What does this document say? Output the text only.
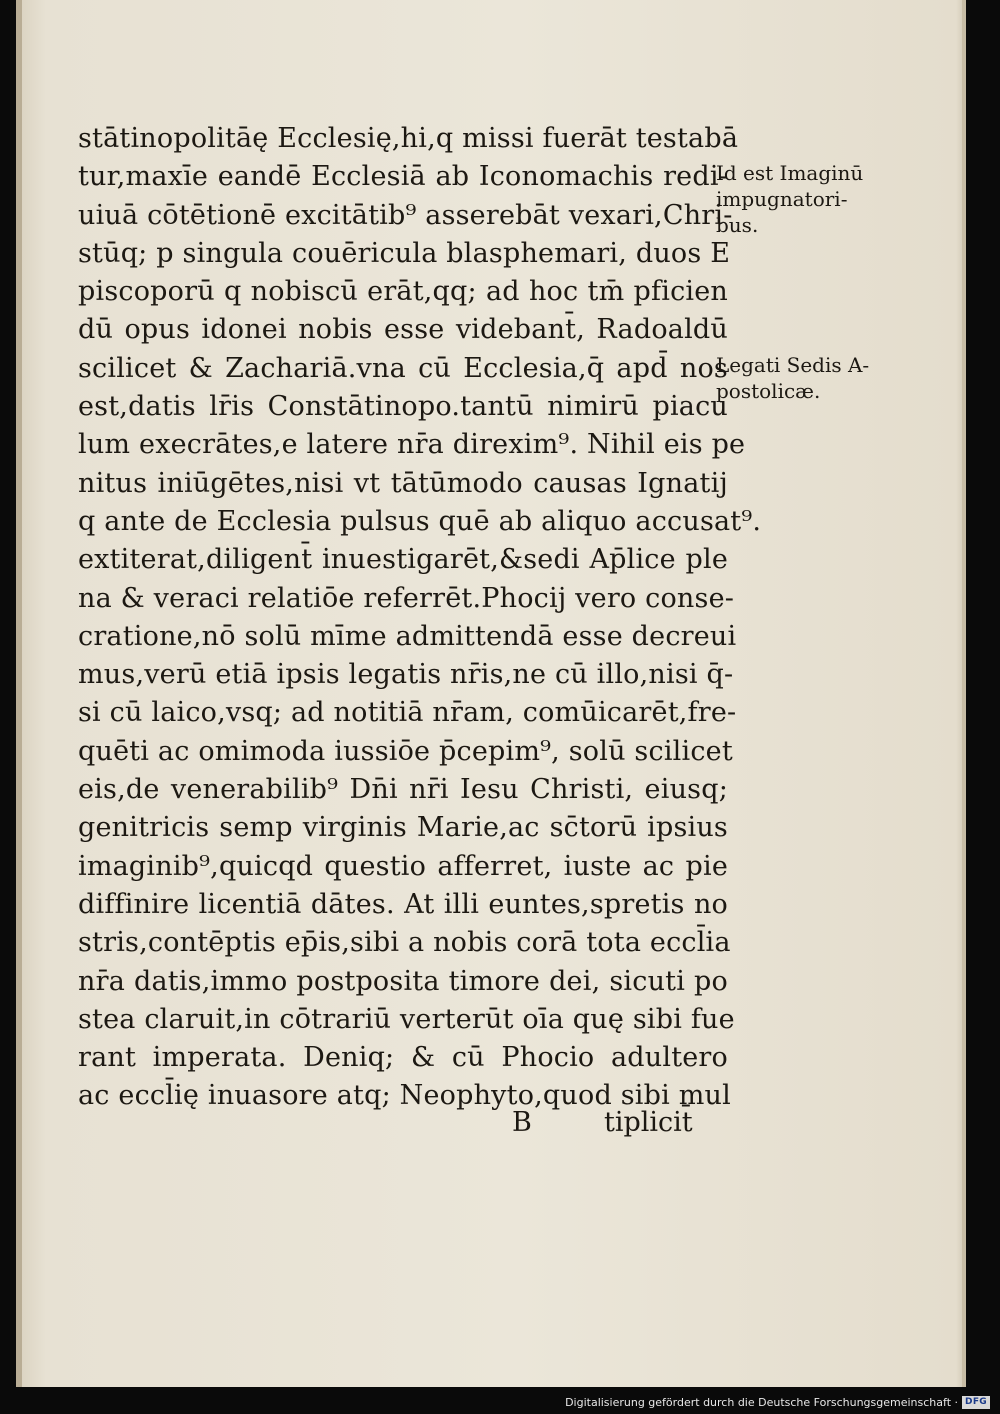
stātinopolitāę Ecclesię,hi,q missi fuerāt testabā
tur,maxīe eandē Ecclesiā ab Iconomachis redi-
uiuā cōtētionē excitātib⁹ asserebāt vexari,Chri-
stūq; p singula couēricula blasphemari, duos E
piscoporū q nobiscū erāt,qq; ad hoc tm̄ pficien
dū opus idonei nobis esse videbant̄, Radoaldū
scilicet & Zachariā.vna cū Ecclesia,q̄ apd̄ nos
est,datis lr̄is Constātinopo.tantū nimirū piacu
lum execrātes,e latere nr̄a direxim⁹. Nihil eis pe
nitus iniūgētes,nisi vt tātūmodo causas Ignatij
q ante de Ecclesia pulsus quē ab aliquo accusat⁹.
extiterat,diligent̄ inuestigarēt,&sedi Ap̄lice ple
na & veraci relatiōe referrēt.Phocij vero conse-
cratione,nō solū mīme admittendā esse decreui
mus,verū etiā ipsis legatis nr̄is,ne cū illo,nisi q̄-
si cū laico,vsq; ad notitiā nr̄am, comūicarēt,fre-
quēti ac omimoda iussiōe p̄cepim⁹, solū scilicet
eis,de venerabilib⁹ Dn̄i nr̄i Iesu Christi, eiusq;
genitricis semp virginis Marie,ac sc̄torū ipsius
imaginib⁹,quicqd questio afferret, iuste ac pie
diffinire licentiā dātes. At illi euntes,spretis no
stris,contēptis ep̄is,sibi a nobis corā tota eccl̄ia
nr̄a datis,immo postposita timore dei, sicuti po
stea claruit,in cōtrariū verterūt oīa quę sibi fue
rant imperata. Deniq; & cū Phocio adultero
ac eccl̄ię inuasore atq; Neophyto,quod sibi mul
B	tiplicit̄
Id est Imaginū
impugnatori-
bus.
Legati Sedis A-
postolicæ.
Digitalisierung gefördert durch die Deutsche Forschungsgemeinschaft · DFG
